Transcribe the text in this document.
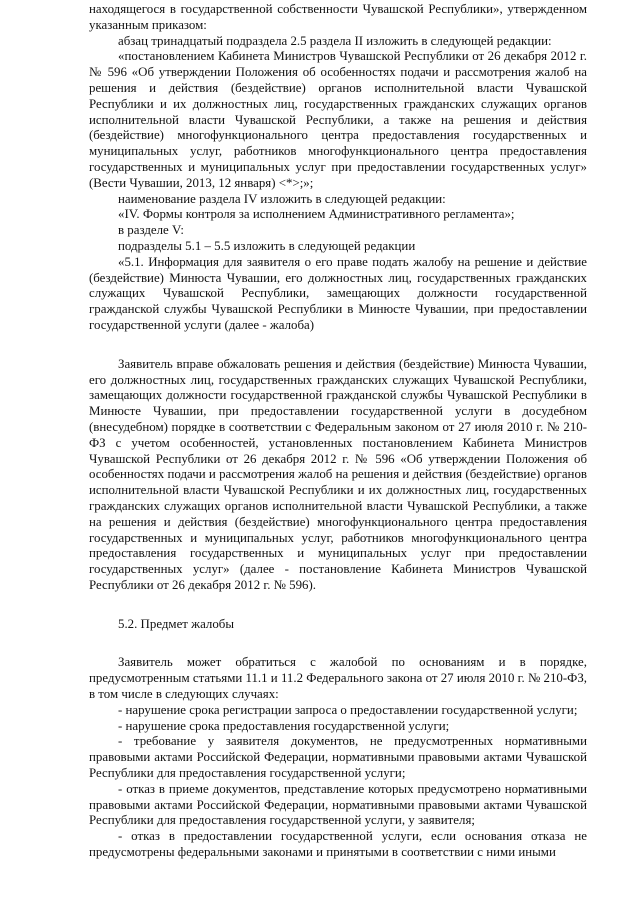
находящегося в государственной собственности Чувашской Республики», утвержденном указанным приказом:

абзац тринадцатый подраздела 2.5 раздела II изложить в следующей редакции:

«постановлением Кабинета Министров Чувашской Республики от 26 декабря 2012 г. № 596 «Об утверждении Положения об особенностях подачи и рассмотрения жалоб на решения и действия (бездействие) органов исполнительной власти Чувашской Республики и их должностных лиц, государственных гражданских служащих органов исполнительной власти Чувашской Республики, а также на решения и действия (бездействие) многофункционального центра предоставления государственных и муниципальных услуг, работников многофункционального центра предоставления государственных и муниципальных услуг при предоставлении государственных услуг» (Вести Чувашии, 2013, 12 января) <*>;»;

наименование раздела IV изложить в следующей редакции:

«IV. Формы контроля за исполнением Административного регламента»;

в разделе V:

подразделы 5.1 – 5.5 изложить в следующей редакции

«5.1. Информация для заявителя о его праве подать жалобу на решение и действие (бездействие) Минюста Чувашии, его должностных лиц, государственных гражданских служащих Чувашской Республики, замещающих должности государственной гражданской службы Чувашской Республики в Минюсте Чувашии, при предоставлении государственной услуги (далее - жалоба)

Заявитель вправе обжаловать решения и действия (бездействие) Минюста Чувашии, его должностных лиц, государственных гражданских служащих Чувашской Республики, замещающих должности государственной гражданской службы Чувашской Республики в Минюсте Чувашии, при предоставлении государственной услуги в досудебном (внесудебном) порядке в соответствии с Федеральным законом от 27 июля 2010 г. № 210-ФЗ с учетом особенностей, установленных постановлением Кабинета Министров Чувашской Республики от 26 декабря 2012 г. № 596 «Об утверждении Положения об особенностях подачи и рассмотрения жалоб на решения и действия (бездействие) органов исполнительной власти Чувашской Республики и их должностных лиц, государственных гражданских служащих органов исполнительной власти Чувашской Республики, а также на решения и действия (бездействие) многофункционального центра предоставления государственных и муниципальных услуг, работников многофункционального центра предоставления государственных и муниципальных услуг при предоставлении государственных услуг» (далее - постановление Кабинета Министров Чувашской Республики от 26 декабря 2012 г. № 596).

5.2. Предмет жалобы

Заявитель может обратиться с жалобой по основаниям и в порядке, предусмотренным статьями 11.1 и 11.2 Федерального закона от 27 июля 2010 г. № 210-ФЗ, в том числе в следующих случаях:

- нарушение срока регистрации запроса о предоставлении государственной услуги;

- нарушение срока предоставления государственной услуги;

- требование у заявителя документов, не предусмотренных нормативными правовыми актами Российской Федерации, нормативными правовыми актами Чувашской Республики для предоставления государственной услуги;

- отказ в приеме документов, представление которых предусмотрено нормативными правовыми актами Российской Федерации, нормативными правовыми актами Чувашской Республики для предоставления государственной услуги, у заявителя;

- отказ в предоставлении государственной услуги, если основания отказа не предусмотрены федеральными законами и принятыми в соответствии с ними иными
